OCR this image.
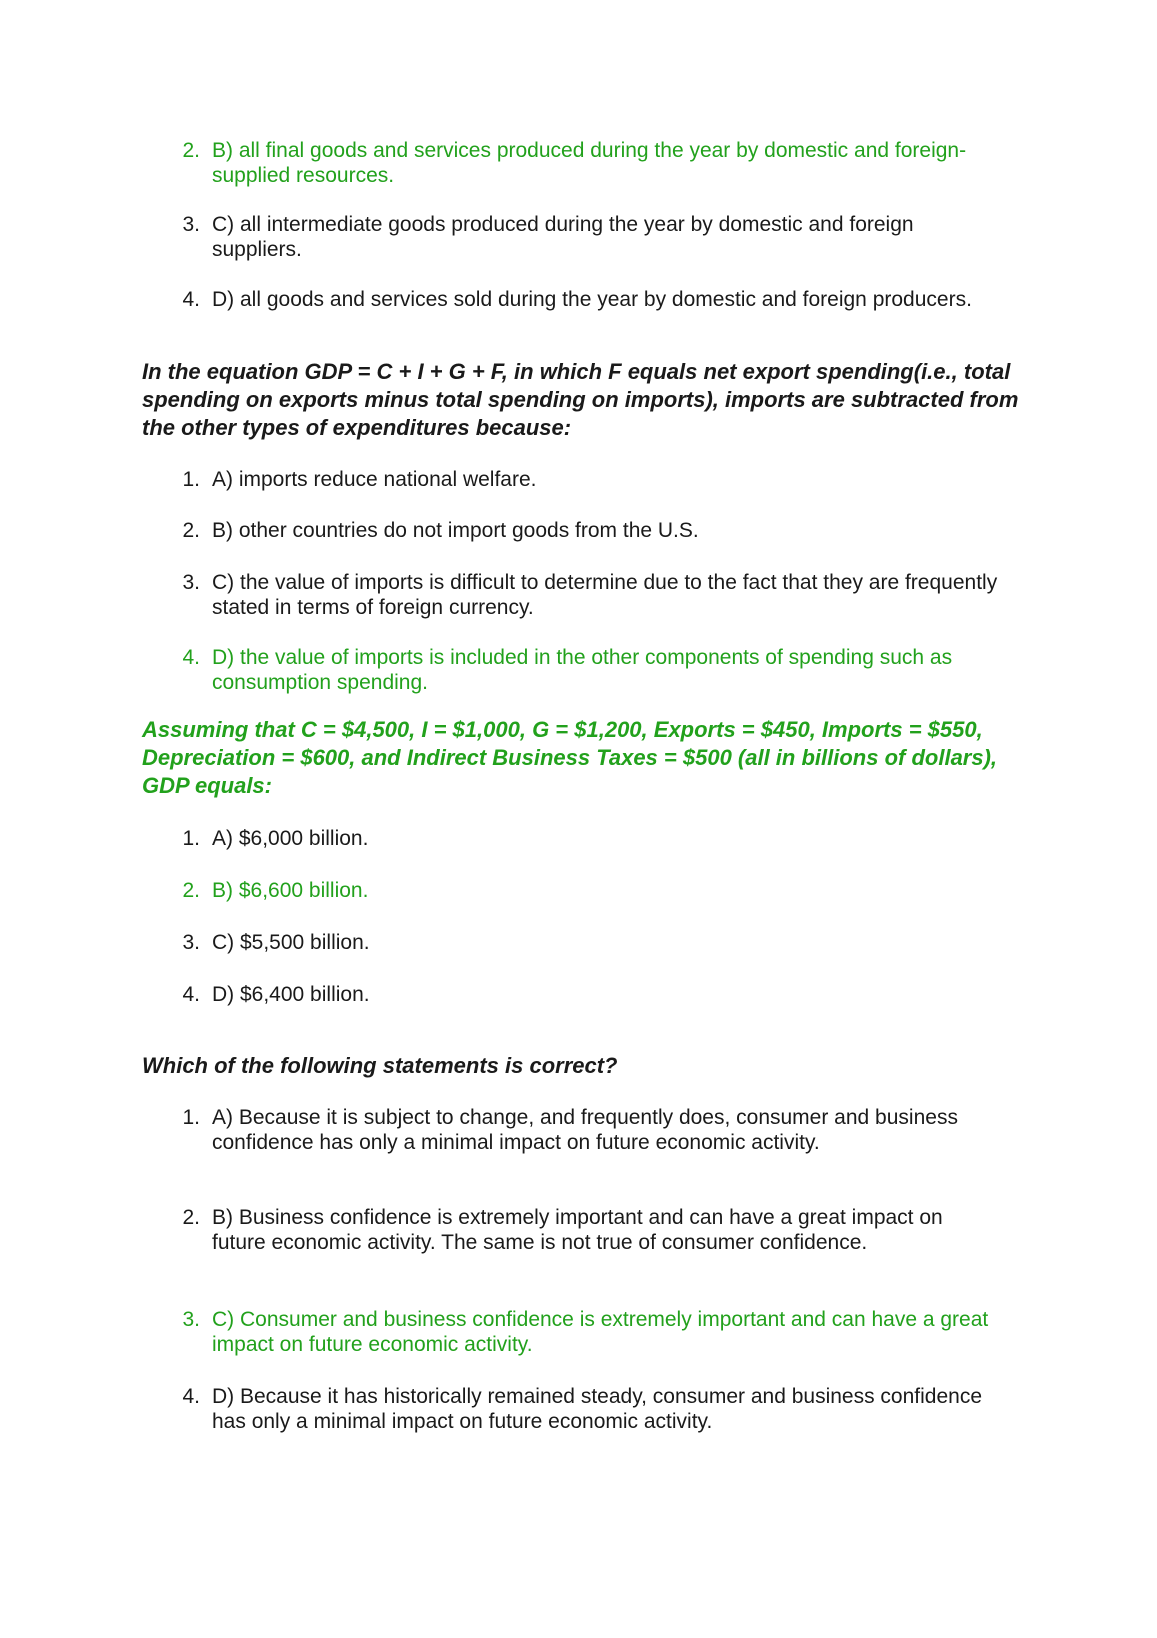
2. B) all final goods and services produced during the year by domestic and foreign-supplied resources.
3. C) all intermediate goods produced during the year by domestic and foreign suppliers.
4. D) all goods and services sold during the year by domestic and foreign producers.

In the equation GDP = C + I + G + F, in which F equals net export spending(i.e., total spending on exports minus total spending on imports), imports are subtracted from the other types of expenditures because:

1. A) imports reduce national welfare.
2. B) other countries do not import goods from the U.S.
3. C) the value of imports is difficult to determine due to the fact that they are frequently stated in terms of foreign currency.
4. D) the value of imports is included in the other components of spending such as consumption spending.

Assuming that C = $4,500, I = $1,000, G = $1,200, Exports = $450, Imports = $550, Depreciation = $600, and Indirect Business Taxes = $500 (all in billions of dollars), GDP equals:

1. A) $6,000 billion.
2. B) $6,600 billion.
3. C) $5,500 billion.
4. D) $6,400 billion.

Which of the following statements is correct?

1. A) Because it is subject to change, and frequently does, consumer and business confidence has only a minimal impact on future economic activity.
2. B) Business confidence is extremely important and can have a great impact on future economic activity. The same is not true of consumer confidence.
3. C) Consumer and business confidence is extremely important and can have a great impact on future economic activity.
4. D) Because it has historically remained steady, consumer and business confidence has only a minimal impact on future economic activity.
